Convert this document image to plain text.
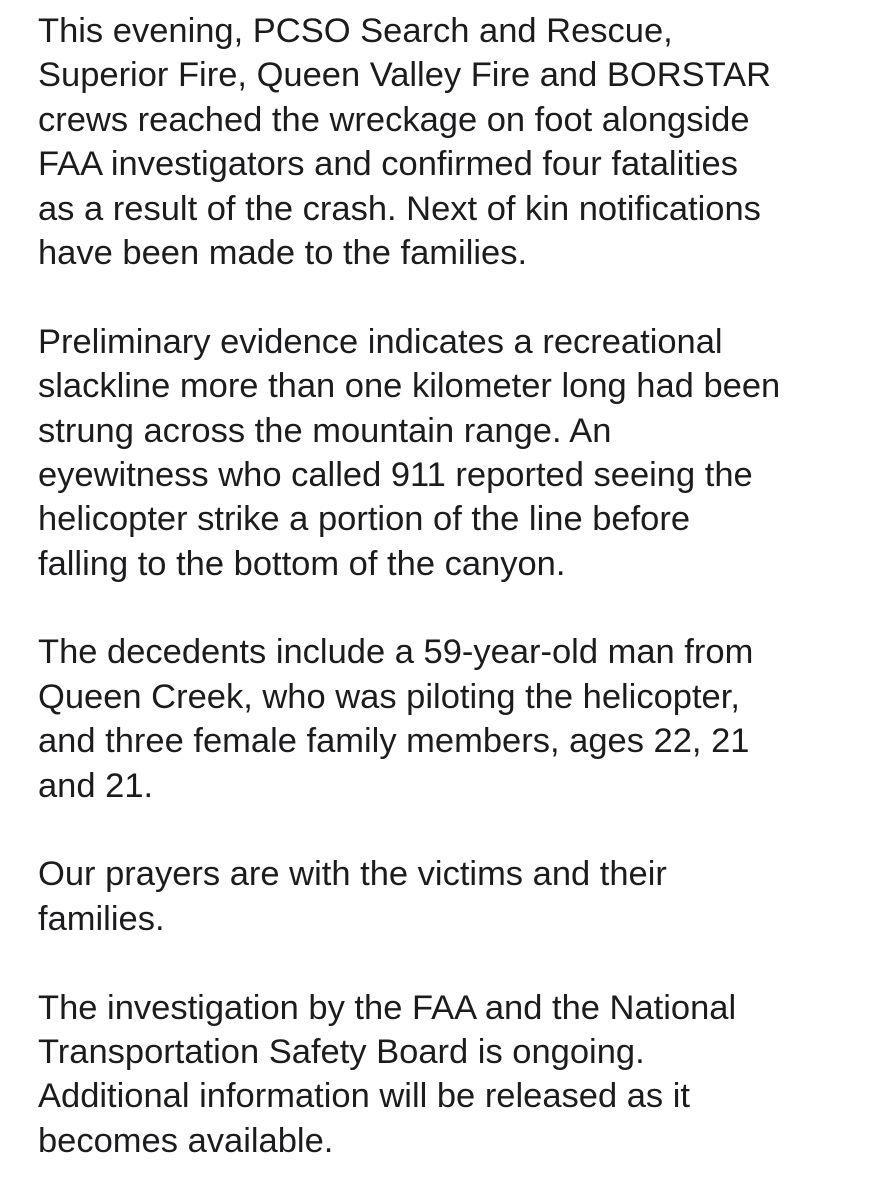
This evening, PCSO Search and Rescue,
Superior Fire, Queen Valley Fire and BORSTAR
crews reached the wreckage on foot alongside
FAA investigators and confirmed four fatalities
as a result of the crash. Next of kin notifications
have been made to the families.
Preliminary evidence indicates a recreational
slackline more than one kilometer long had been
strung across the mountain range. An
eyewitness who called 911 reported seeing the
helicopter strike a portion of the line before
falling to the bottom of the canyon.
The decedents include a 59-year-old man from
Queen Creek, who was piloting the helicopter,
and three female family members, ages 22, 21
and 21.
Our prayers are with the victims and their
families.
The investigation by the FAA and the National
Transportation Safety Board is ongoing.
Additional information will be released as it
becomes available.
